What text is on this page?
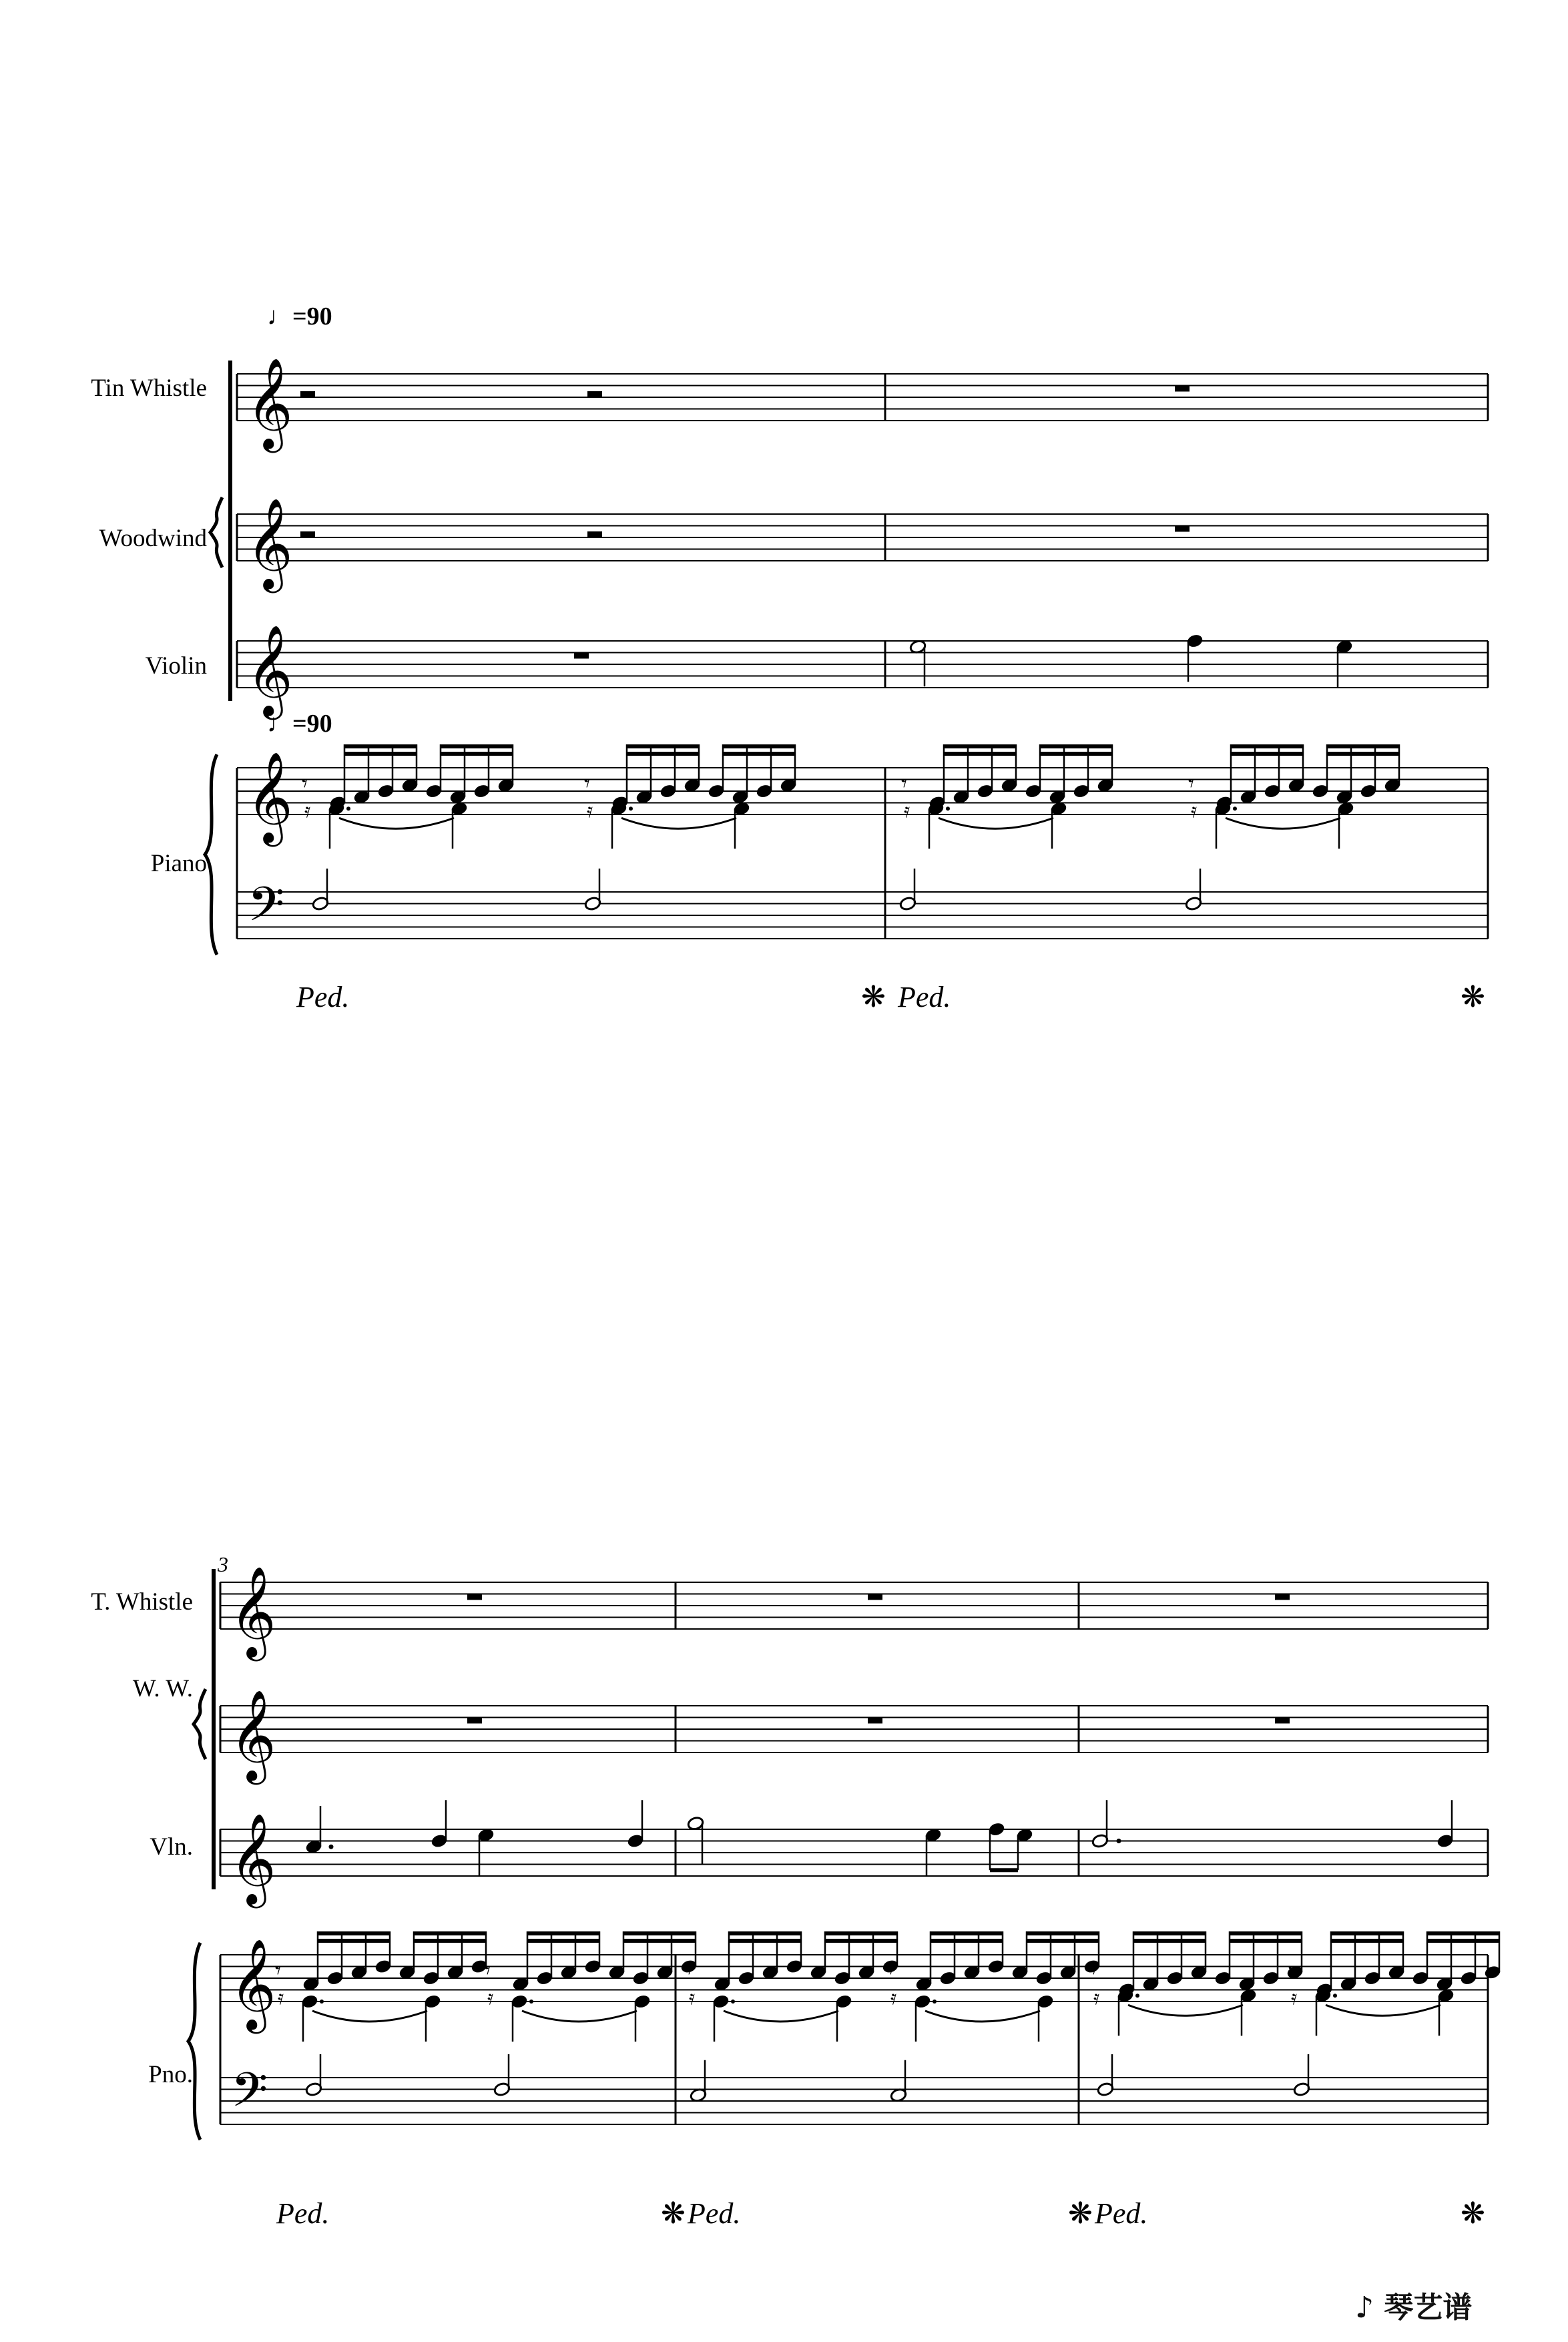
𝄞
𝄞
𝄞
𝄞
𝄢
𝄾
𝄿
𝄾
𝄿
𝄾
𝄿
𝄾
𝄿
𝄞
𝄞
𝄞
𝄞
𝄢
𝄾
𝄿
𝄾
𝄿
𝄾
𝄿
𝄾
𝄿
𝄾
𝄿
𝄾
𝄿
♩=90
Tin Whistle
Woodwind
Violin
♩=90
Piano
Ped.	❋ Ped.	❋
3
T. Whistle
W. W.
Vln.
Pno.
Ped.	❋ Ped.	❋ Ped.	❋
♪ 琴艺谱
